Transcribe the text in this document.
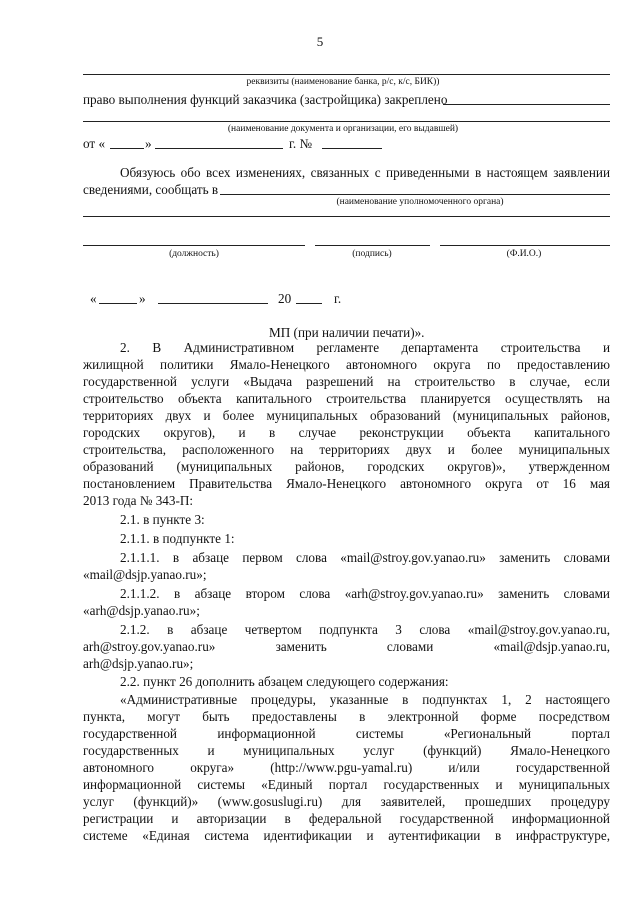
5
реквизиты (наименование банка, р/с, к/с, БИК))
право выполнения функций заказчика (застройщика) закреплено
(наименование документа и организации, его выдавшей)
от «	»	г. №
Обязуюсь обо всех изменениях, связанных с приведенными в настоящем заявлении
сведениями, сообщать в
(наименование уполномоченного органа)
(должность)	(подпись)	(Ф.И.О.)
«	»	20	г.
МП (при наличии печати)».
2. В Административном регламенте департамента строительства и
жилищной политики Ямало-Ненецкого автономного округа по предоставлению
государственной услуги «Выдача разрешений на строительство в случае, если
строительство объекта капитального строительства планируется осуществлять на
территориях двух и более муниципальных образований (муниципальных районов,
городских округов), и в случае реконструкции объекта капитального
строительства, расположенного на территориях двух и более муниципальных
образований (муниципальных районов, городских округов)», утвержденном
постановлением Правительства Ямало-Ненецкого автономного округа от 16 мая
2013 года № 343-П:
2.1. в пункте 3:
2.1.1. в подпункте 1:
2.1.1.1. в абзаце первом слова «mail@stroy.gov.yanao.ru» заменить словами
«mail@dsjp.yanao.ru»;
2.1.1.2. в абзаце втором слова «arh@stroy.gov.yanao.ru» заменить словами
«arh@dsjp.yanao.ru»;
2.1.2. в абзаце четвертом подпункта 3 слова «mail@stroy.gov.yanao.ru,
arh@stroy.gov.yanao.ru» заменить словами «mail@dsjp.yanao.ru,
arh@dsjp.yanao.ru»;
2.2. пункт 26 дополнить абзацем следующего содержания:
«Административные процедуры, указанные в подпунктах 1, 2 настоящего
пункта, могут быть предоставлены в электронной форме посредством
государственной информационной системы «Региональный портал
государственных и муниципальных услуг (функций) Ямало-Ненецкого
автономного округа» (http://www.pgu-yamal.ru) и/или государственной
информационной системы «Единый портал государственных и муниципальных
услуг (функций)» (www.gosuslugi.ru) для заявителей, прошедших процедуру
регистрации и авторизации в федеральной государственной информационной
системе «Единая система идентификации и аутентификации в инфраструктуре,
